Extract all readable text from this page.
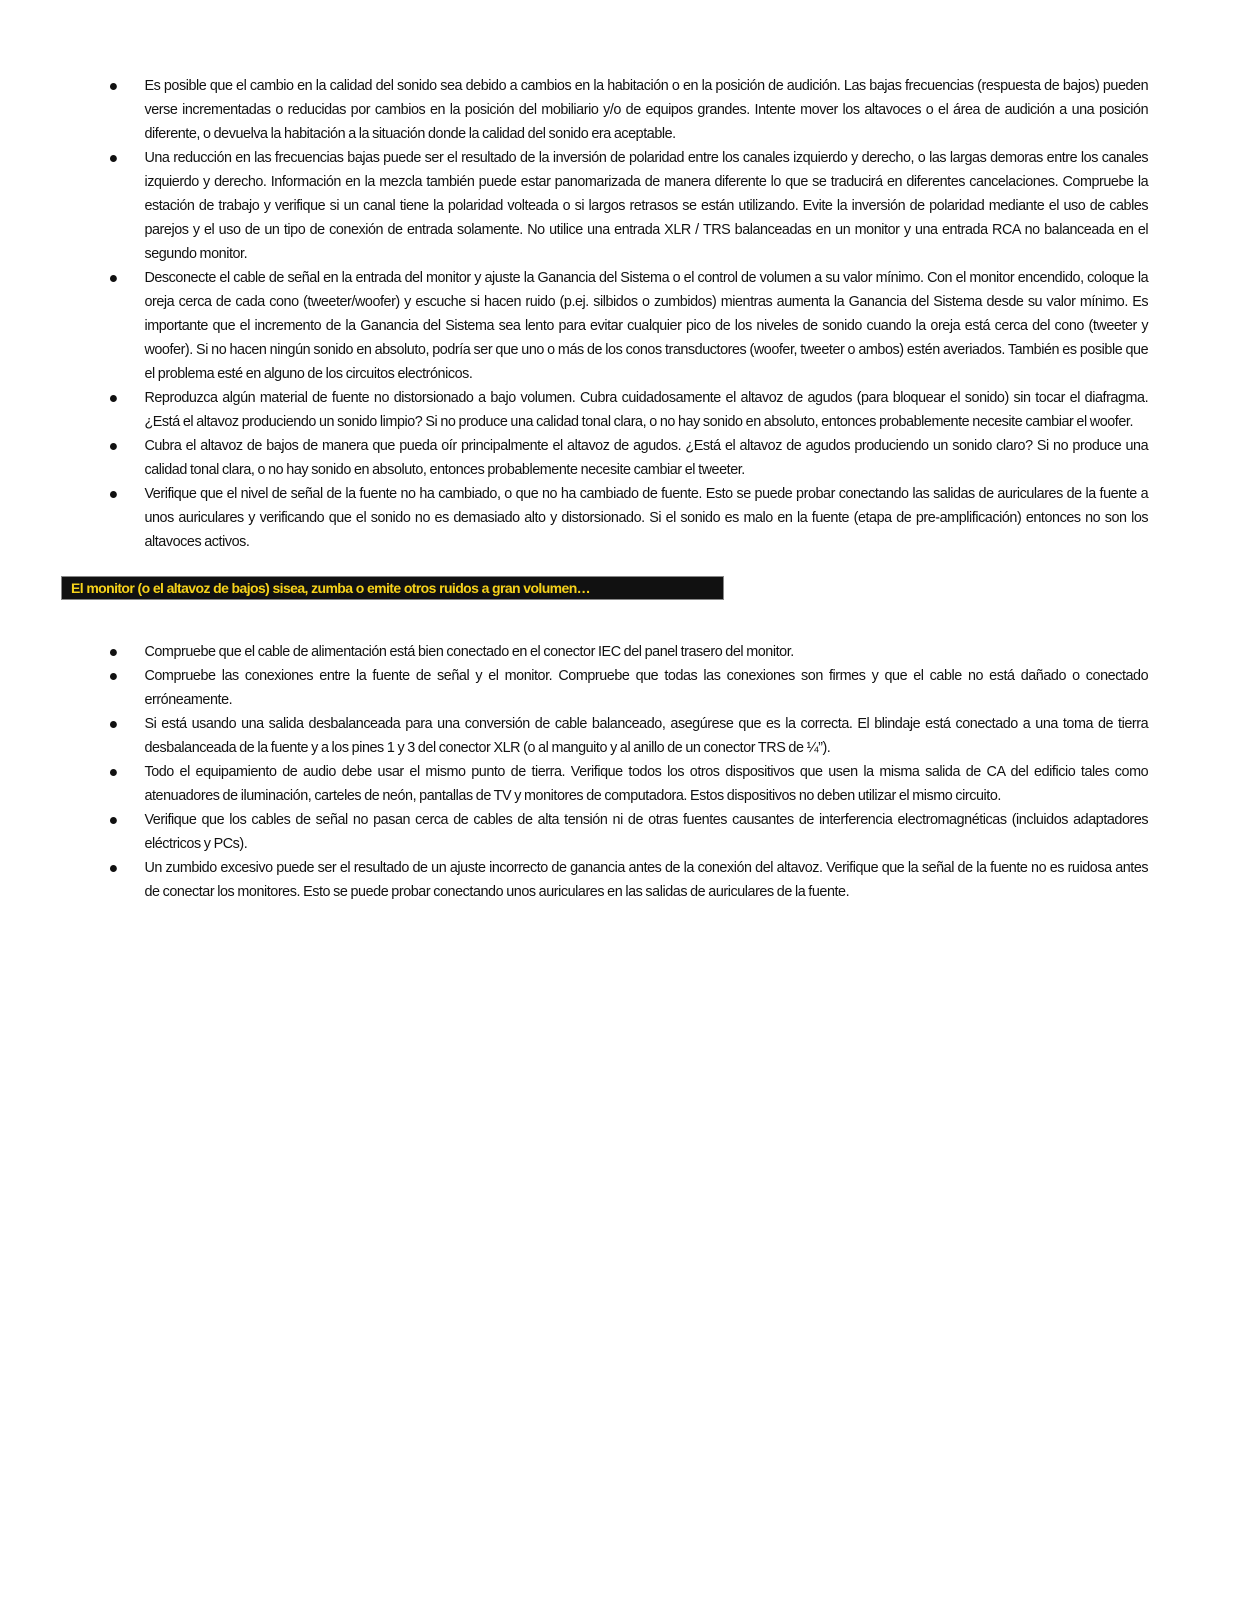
Es posible que el cambio en la calidad del sonido sea debido a cambios en la habitación o en la posición de audición. Las bajas frecuencias (respuesta de bajos) pueden verse incrementadas o reducidas por cambios en la posición del mobiliario y/o de equipos grandes. Intente mover los altavoces o el área de audición a una posición diferente, o devuelva la habitación a la situación donde la calidad del sonido era aceptable.
Una reducción en las frecuencias bajas puede ser el resultado de la inversión de polaridad entre los canales izquierdo y derecho, o las largas demoras entre los canales izquierdo y derecho. Información en la mezcla también puede estar panomarizada de manera diferente lo que se traducirá en diferentes cancelaciones. Compruebe la estación de trabajo y verifique si un canal tiene la polaridad volteada o si largos retrasos se están utilizando. Evite la inversión de polaridad mediante el uso de cables parejos y el uso de un tipo de conexión de entrada solamente. No utilice una entrada XLR / TRS balanceadas en un monitor y una entrada RCA no balanceada en el segundo monitor.
Desconecte el cable de señal en la entrada del monitor y ajuste la Ganancia del Sistema o el control de volumen a su valor mínimo. Con el monitor encendido, coloque la oreja cerca de cada cono (tweeter/woofer) y escuche si hacen ruido (p.ej. silbidos o zumbidos) mientras aumenta la Ganancia del Sistema desde su valor mínimo. Es importante que el incremento de la Ganancia del Sistema sea lento para evitar cualquier pico de los niveles de sonido cuando la oreja está cerca del cono (tweeter y woofer). Si no hacen ningún sonido en absoluto, podría ser que uno o más de los conos transductores (woofer, tweeter o ambos) estén averiados. También es posible que el problema esté en alguno de los circuitos electrónicos.
Reproduzca algún material de fuente no distorsionado a bajo volumen. Cubra cuidadosamente el altavoz de agudos (para bloquear el sonido) sin tocar el diafragma. ¿Está el altavoz produciendo un sonido limpio? Si no produce una calidad tonal clara, o no hay sonido en absoluto, entonces probablemente necesite cambiar el woofer.
Cubra el altavoz de bajos de manera que pueda oír principalmente el altavoz de agudos. ¿Está el altavoz de agudos produciendo un sonido claro? Si no produce una calidad tonal clara, o no hay sonido en absoluto, entonces probablemente necesite cambiar el tweeter.
Verifique que el nivel de señal de la fuente no ha cambiado, o que no ha cambiado de fuente. Esto se puede probar conectando las salidas de auriculares de la fuente a unos auriculares y verificando que el sonido no es demasiado alto y distorsionado. Si el sonido es malo en la fuente (etapa de pre-amplificación) entonces no son los altavoces activos.
El monitor (o el altavoz de bajos) sisea, zumba o emite otros ruidos a gran volumen…
Compruebe que el cable de alimentación está bien conectado en el conector IEC del panel trasero del monitor.
Compruebe las conexiones entre la fuente de señal y el monitor. Compruebe que todas las conexiones son firmes y que el cable no está dañado o conectado erróneamente.
Si está usando una salida desbalanceada para una conversión de cable balanceado, asegúrese que es la correcta. El blindaje está conectado a una toma de tierra desbalanceada de la fuente y a los pines 1 y 3 del conector XLR (o al manguito y al anillo de un conector TRS de ¼”).
Todo el equipamiento de audio debe usar el mismo punto de tierra. Verifique todos los otros dispositivos que usen la misma salida de CA del edificio tales como atenuadores de iluminación, carteles de neón, pantallas de TV y monitores de computadora. Estos dispositivos no deben utilizar el mismo circuito.
Verifique que los cables de señal no pasan cerca de cables de alta tensión ni de otras fuentes causantes de interferencia electromagnéticas (incluidos adaptadores eléctricos y PCs).
Un zumbido excesivo puede ser el resultado de un ajuste incorrecto de ganancia antes de la conexión del altavoz. Verifique que la señal de la fuente no es ruidosa antes de conectar los monitores. Esto se puede probar conectando unos auriculares en las salidas de auriculares de la fuente.
